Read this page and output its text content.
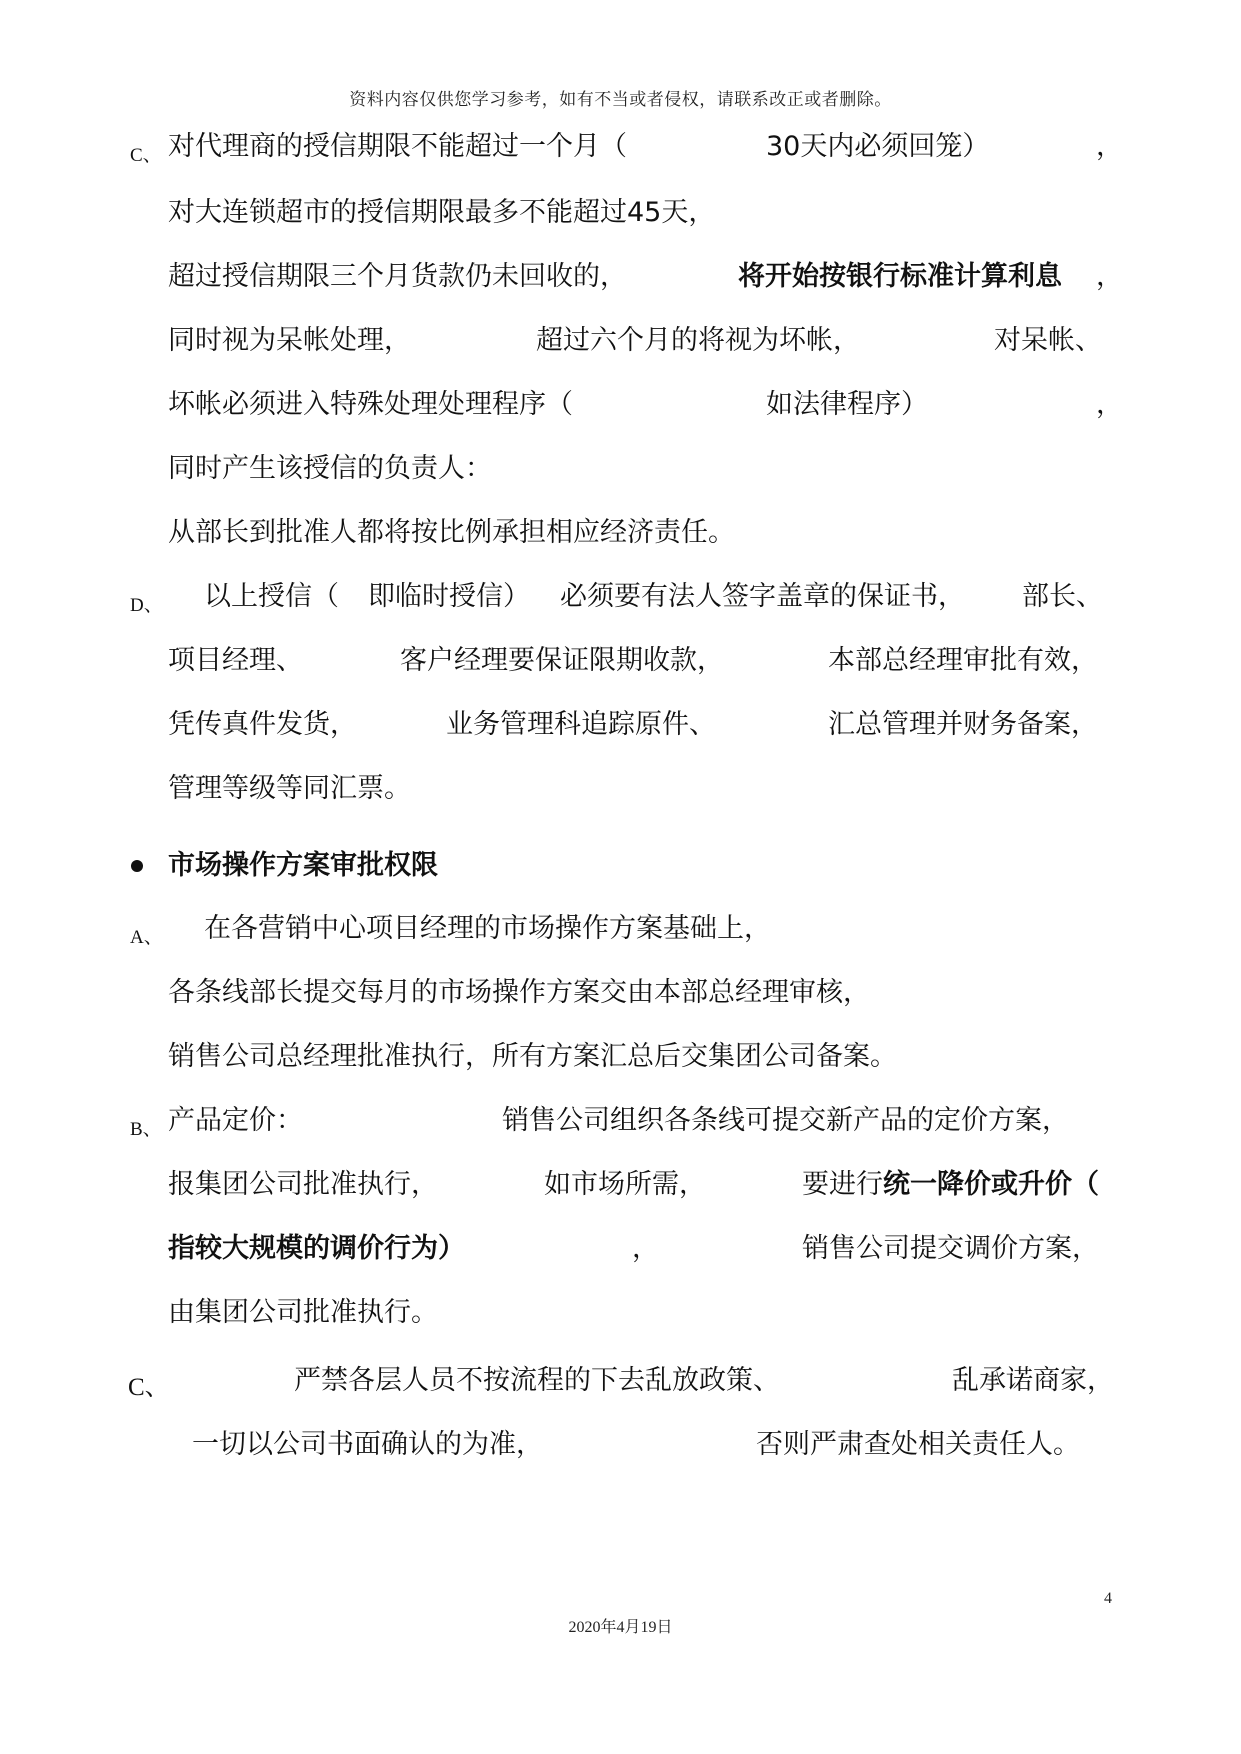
资料内容仅供您学习参考，如有不当或者侵权，请联系改正或者删除。
C、 对代理商的授信期限不能超过一个月（	30天内必须回笼）	，
对大连锁超市的授信期限最多不能超过45天，
超过授信期限三个月货款仍未回收的，	将开始按银行标准计算利息 ，
同时视为呆帐处理，	超过六个月的将视为坏帐，	对呆帐、
坏帐必须进入特殊处理处理程序（	如法律程序）	，
同时产生该授信的负责人：
从部长到批准人都将按比例承担相应经济责任。
D、 以上授信（ 即临时授信） 必须要有法人签字盖章的保证书， 部长、
项目经理、	客户经理要保证限期收款，	本部总经理审批有效，
凭传真件发货，	业务管理科追踪原件、	汇总管理并财务备案，
管理等级等同汇票。
市场操作方案审批权限
A、 在各营销中心项目经理的市场操作方案基础上，
各条线部长提交每月的市场操作方案交由本部总经理审核，
销售公司总经理批准执行，所有方案汇总后交集团公司备案。
B、 产品定价：	销售公司组织各条线可提交新产品的定价方案，
报集团公司批准执行，	如市场所需，	要进行 统一降价或升价（
指较大规模的调价行为）	，	销售公司提交调价方案，
由集团公司批准执行。
C、	严禁各层人员不按流程的下去乱放政策、	乱承诺商家，
一切以公司书面确认的为准，	否则严肃查处相关责任人。
4
2020年4月19日
